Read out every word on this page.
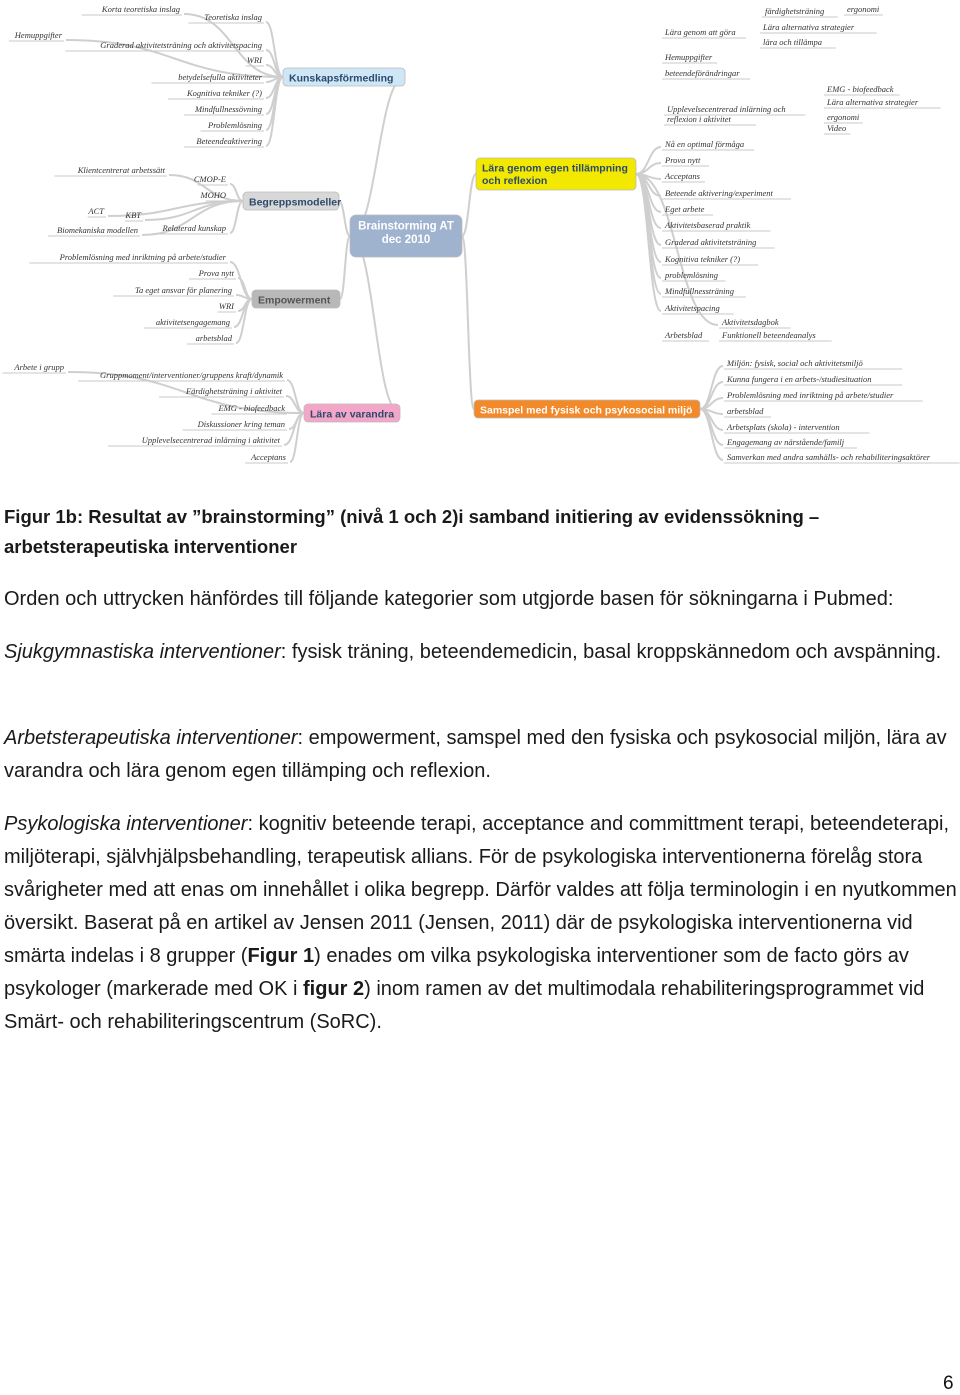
Korta teoretiska inslag
Teoretiska inslag
Hemuppgifter
Graderad aktivitetsträning och aktivitetspacing
WRI
betydelsefulla aktiviteter
Kognitiva tekniker (?)
Mindfullnessövning
Problemlösning
Beteendeaktivering
Klientcentrerat arbetssätt
CMOP-E
MOHO
ACT	KBT
Biomekaniska modellen	Relaterad kunskap
Problemlösning med inriktning på arbete/studier
Prova nytt
Ta eget ansvar för planering
WRI
aktivitetsengagemang
arbetsblad
Arbete i grupp
Gruppmoment/interventioner/gruppens kraft/dynamik
Färdighetsträning i aktivitet
EMG - biofeedback
Diskussioner kring teman
Upplevelsecentrerad inlärning i aktivitet
Acceptans
färdighetsträning	ergonomi
Lära genom att göra	Lära alternativa strategier
lära och tillämpa
Hemuppgifter
beteendeförändringar
EMG - biofeedback
Upplevelsecentrerad inlärning och
reflexion i aktivitet
Lära alternativa strategier
ergonomi
Video
Nå en optimal förmåga
Prova nytt
Acceptans
Beteende aktivering/experiment
Eget arbete
Aktivitetsbaserad praktik
Graderad aktivitetsträning
Kognitiva tekniker (?)
problemlösning
Mindfullnessträning
Aktivitetspacing
Aktivitetsdagbok
Arbetsblad Funktionell beteendeanalys
Miljön: fysisk, social och aktivitetsmiljö
Kunna fungera i en arbets-/studiesituation
Problemlösning med inriktning på arbete/studier
arbetsblad
Arbetsplats (skola) - intervention
Engagemang av närstående/familj
Samverkan med andra samhälls- och rehabiliteringsaktörer
Kunskapsförmedling
Begreppsmodeller
Empowerment
Lära av varandra
Lära genom egen tillämpning
och reflexion
Samspel med fysisk och psykosocial miljö
Brainstorming AT
dec 2010
Figur 1b: Resultat av ”brainstorming” (nivå 1 och 2)i samband initiering av evidenssökning – arbetsterapeutiska interventioner
Orden och uttrycken hänfördes till följande kategorier som utgjorde basen för sökningarna i Pubmed:
Sjukgymnastiska interventioner: fysisk träning, beteendemedicin, basal kroppskännedom och avspänning.
Arbetsterapeutiska interventioner: empowerment, samspel med den fysiska och psykosocial miljön, lära av varandra och lära genom egen tillämping och reflexion.
Psykologiska interventioner: kognitiv beteende terapi, acceptance and committment terapi, beteendeterapi, miljöterapi, självhjälpsbehandling, terapeutisk allians. För de psykologiska interventionerna förelåg stora svårigheter med att enas om innehållet i olika begrepp. Därför valdes att följa terminologin i en nyutkommen översikt. Baserat på en artikel av Jensen 2011 (Jensen, 2011) där de psykologiska interventionerna vid smärta indelas i 8 grupper (Figur 1) enades om vilka psykologiska interventioner som de facto görs av psykologer (markerade med OK i figur 2) inom ramen av det multimodala rehabiliteringsprogrammet vid Smärt- och rehabiliteringscentrum (SoRC).
6
